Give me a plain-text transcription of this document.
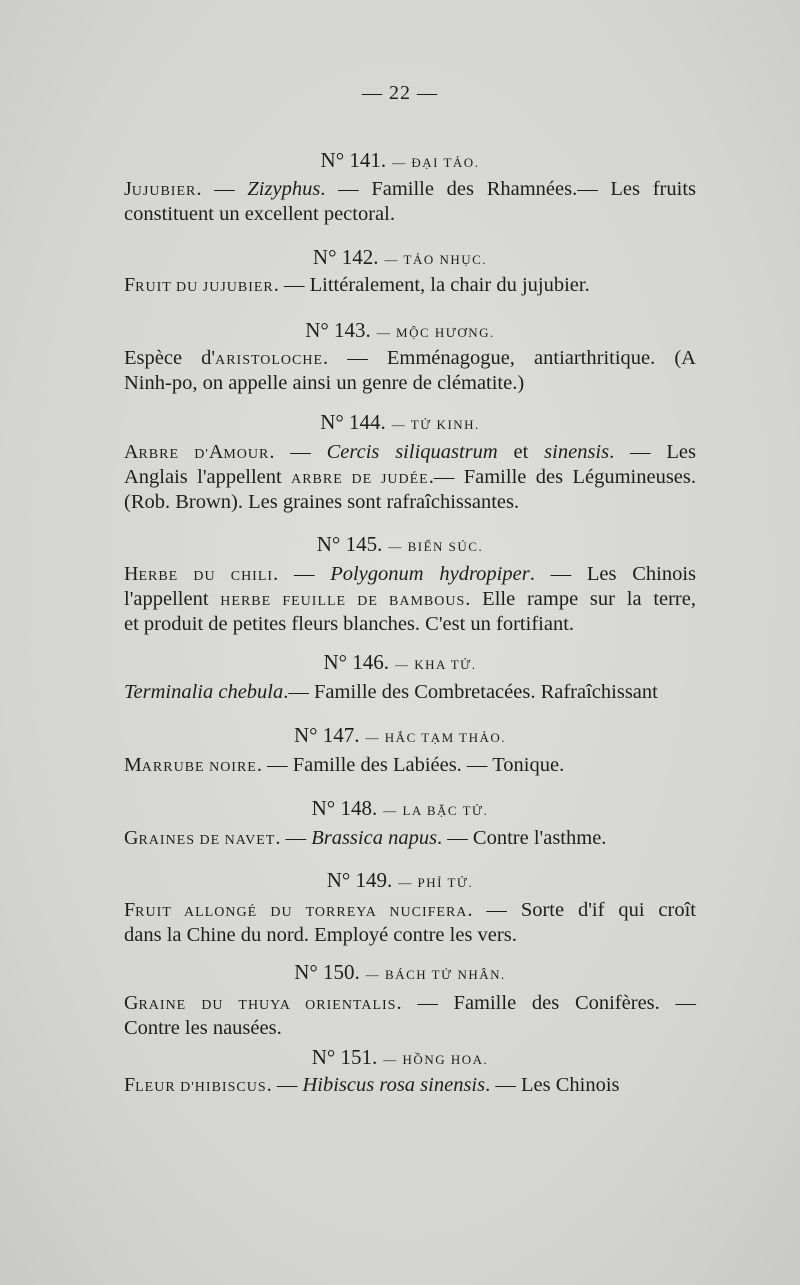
— 22 —
N° 141. — ĐẠI TẢO.
JUJUBIER. — Zizyphus. — Famille des Rhamnées.— Les fruits
constituent un excellent pectoral.
N° 142. — TẢO NHỤC.
FRUIT DU JUJUBIER. — Littéralement, la chair du jujubier.
N° 143. — MỘC HƯƠNG.
Espèce d'ARISTOLOCHE. — Emménagogue, antiarthritique. (A
Ninh-po, on appelle ainsi un genre de clématite.)
N° 144. — TỬ KINH.
ARBRE D'AMOUR. — Cercis siliquastrum et sinensis. — Les
Anglais l'appellent ARBRE DE JUDÉE.— Famille des Légumineuses.
(Rob. Brown). Les graines sont rafraîchissantes.
N° 145. — BIỂN SÚC.
HERBE DU CHILI. — Polygonum hydropiper. — Les Chinois
l'appellent HERBE FEUILLE DE BAMBOUS. Elle rampe sur la terre,
et produit de petites fleurs blanches. C'est un fortifiant.
N° 146. — KHA TỬ.
Terminalia chebula.— Famille des Combretacées. Rafraîchissant
N° 147. — HẮC TẠM THẢO.
MARRUBE NOIRE. — Famille des Labiées. — Tonique.
N° 148. — LA BẶC TỬ.
GRAINES DE NAVET. — Brassica napus. — Contre l'asthme.
N° 149. — PHỈ TỬ.
FRUIT ALLONGÉ DU TORREYA NUCIFERA. — Sorte d'if qui croît
dans la Chine du nord. Employé contre les vers.
N° 150. — BÁCH TỬ NHÂN.
GRAINE DU THUYA ORIENTALIS. — Famille des Conifères. —
Contre les nausées.
N° 151. — HỒNG HOA.
FLEUR D'HIBISCUS. — Hibiscus rosa sinensis. — Les Chinois
